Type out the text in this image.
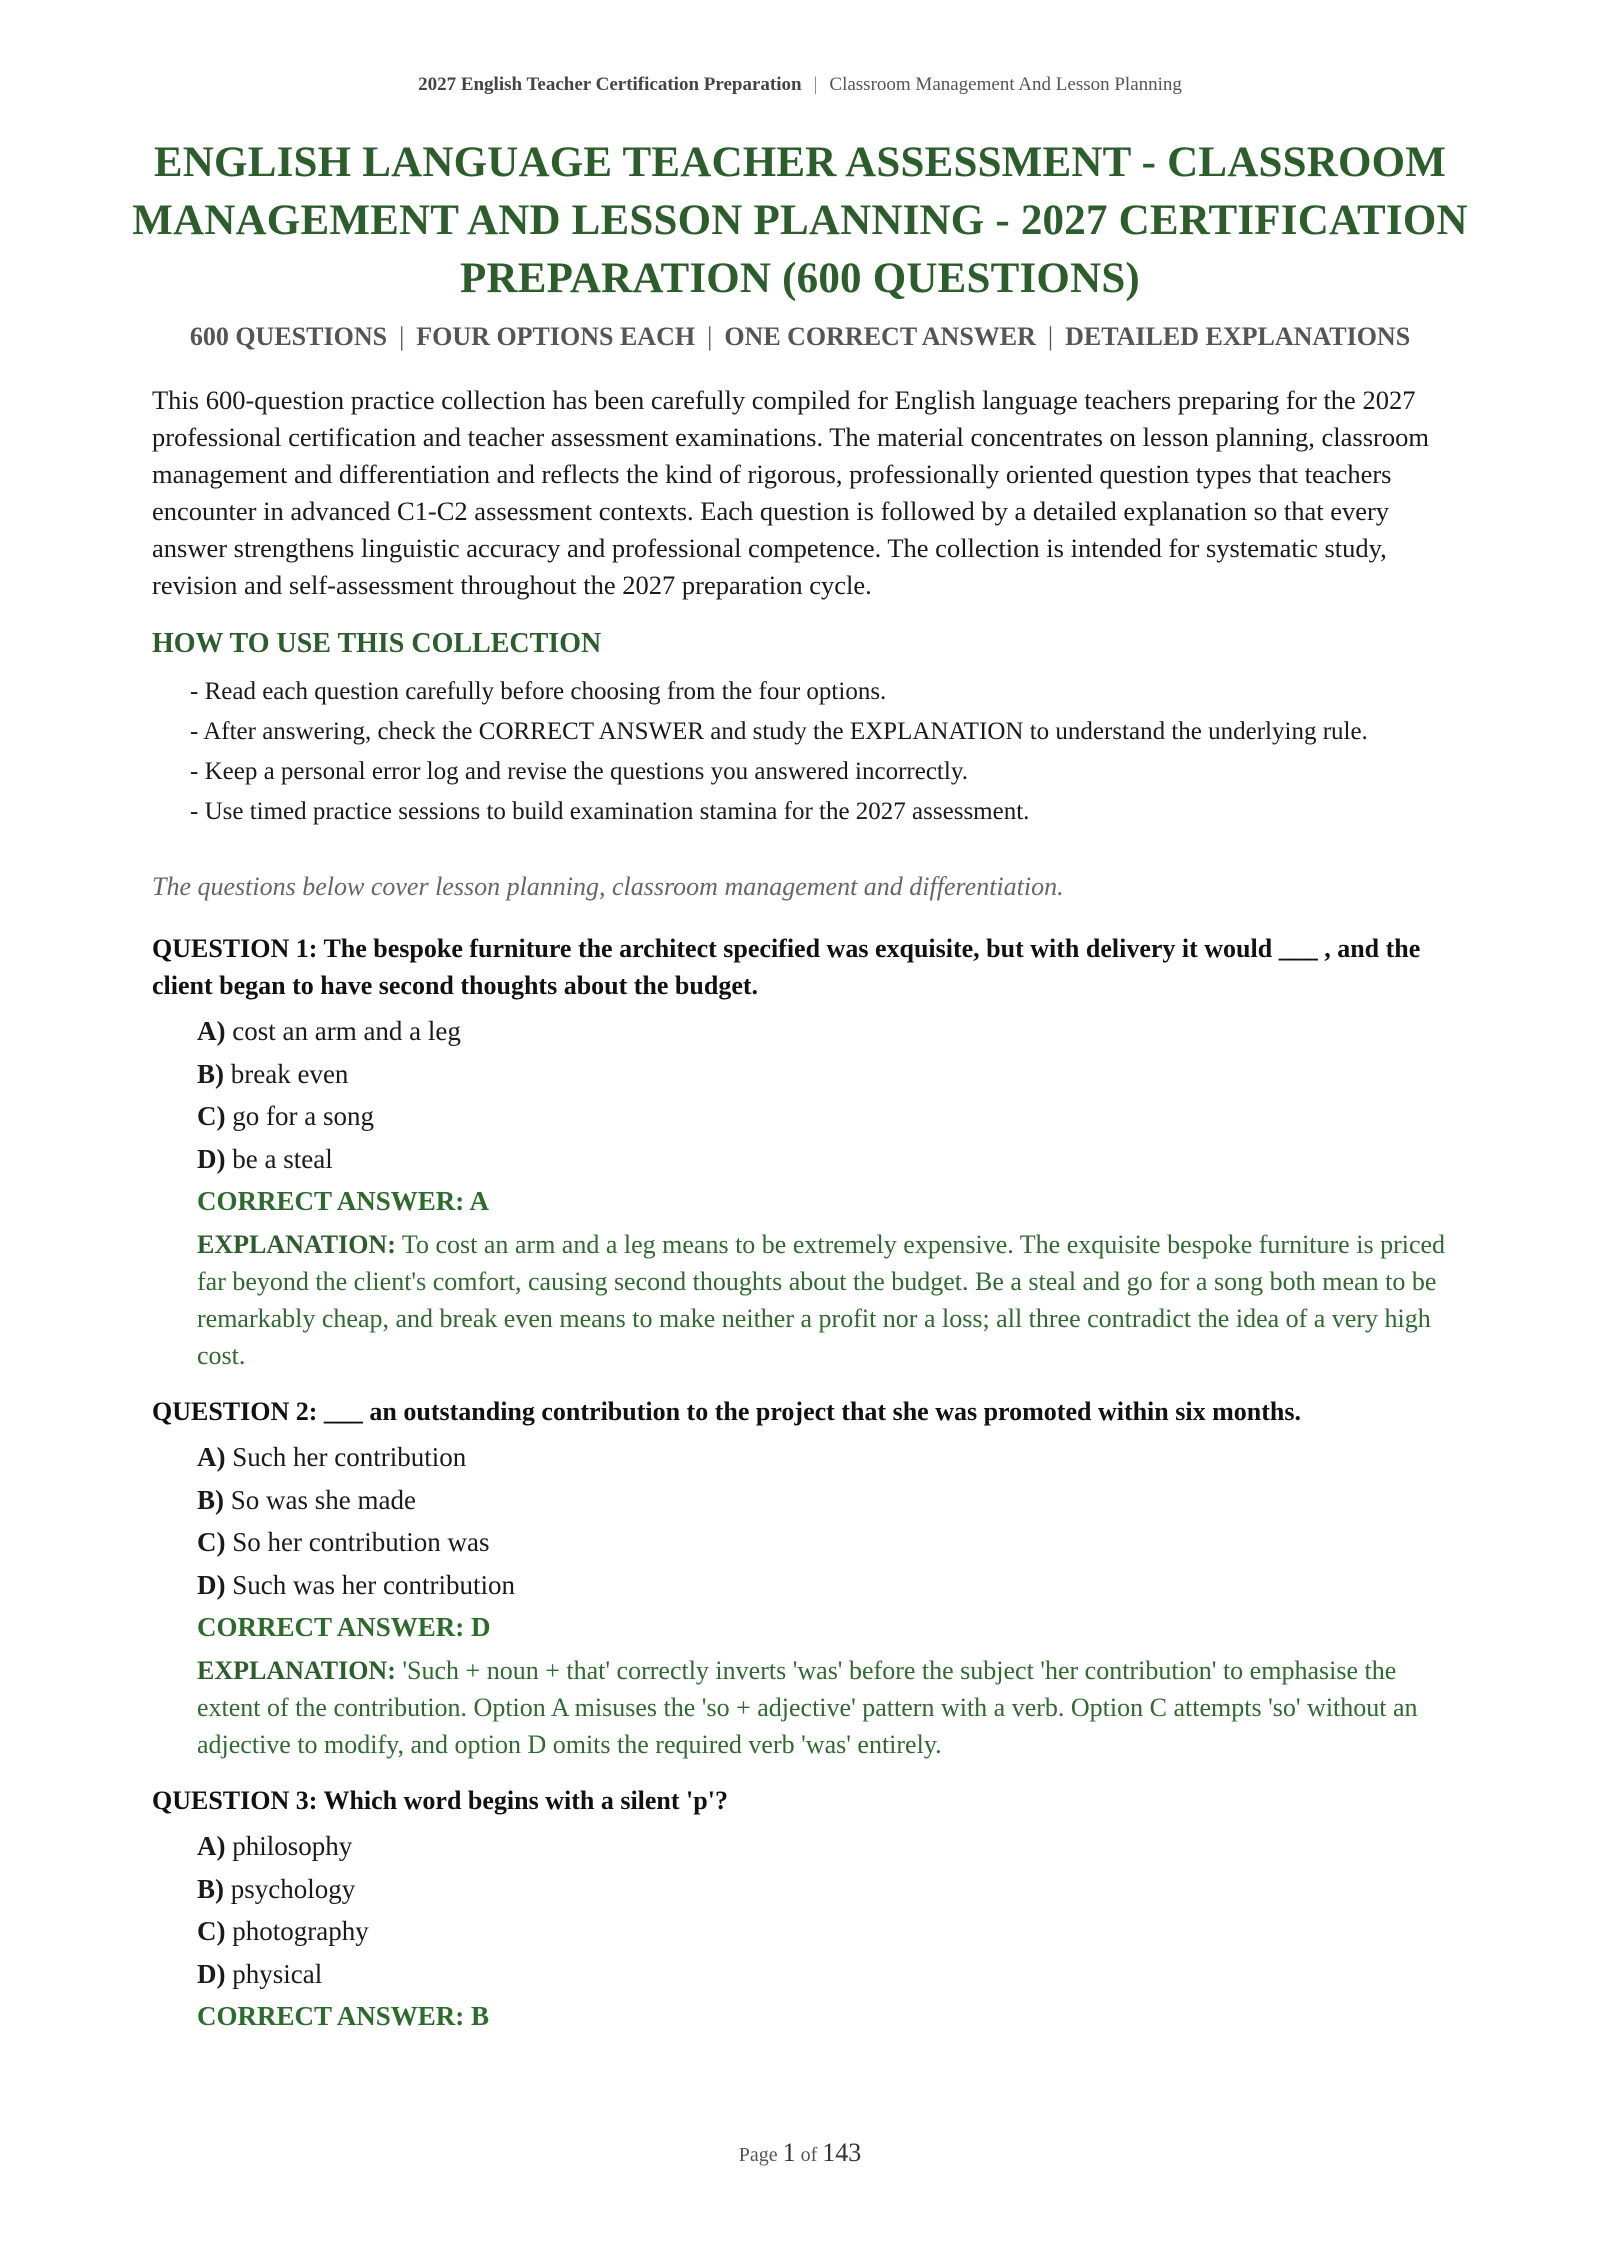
2027 English Teacher Certification Preparation | Classroom Management And Lesson Planning
ENGLISH LANGUAGE TEACHER ASSESSMENT - CLASSROOM MANAGEMENT AND LESSON PLANNING - 2027 CERTIFICATION PREPARATION (600 QUESTIONS)
600 QUESTIONS | FOUR OPTIONS EACH | ONE CORRECT ANSWER | DETAILED EXPLANATIONS

This 600-question practice collection has been carefully compiled for English language teachers preparing for the 2027 professional certification and teacher assessment examinations. The material concentrates on lesson planning, classroom management and differentiation and reflects the kind of rigorous, professionally oriented question types that teachers encounter in advanced C1-C2 assessment contexts. Each question is followed by a detailed explanation so that every answer strengthens linguistic accuracy and professional competence. The collection is intended for systematic study, revision and self-assessment throughout the 2027 preparation cycle.

HOW TO USE THIS COLLECTION
- Read each question carefully before choosing from the four options.
- After answering, check the CORRECT ANSWER and study the EXPLANATION to understand the underlying rule.
- Keep a personal error log and revise the questions you answered incorrectly.
- Use timed practice sessions to build examination stamina for the 2027 assessment.

The questions below cover lesson planning, classroom management and differentiation.

QUESTION 1: The bespoke furniture the architect specified was exquisite, but with delivery it would ___ , and the client began to have second thoughts about the budget.

A) cost an arm and a leg
B) break even
C) go for a song
D) be a steal

CORRECT ANSWER: A

EXPLANATION: To cost an arm and a leg means to be extremely expensive. The exquisite bespoke furniture is priced far beyond the client's comfort, causing second thoughts about the budget. Be a steal and go for a song both mean to be remarkably cheap, and break even means to make neither a profit nor a loss; all three contradict the idea of a very high cost.

QUESTION 2: ___ an outstanding contribution to the project that she was promoted within six months.

A) Such her contribution
B) So was she made
C) So her contribution was
D) Such was her contribution

CORRECT ANSWER: D

EXPLANATION: 'Such + noun + that' correctly inverts 'was' before the subject 'her contribution' to emphasise the extent of the contribution. Option A misuses the 'so + adjective' pattern with a verb. Option C attempts 'so' without an adjective to modify, and option D omits the required verb 'was' entirely.

QUESTION 3: Which word begins with a silent 'p'?

A) philosophy
B) psychology
C) photography
D) physical

CORRECT ANSWER: B

Page 1 of 143
